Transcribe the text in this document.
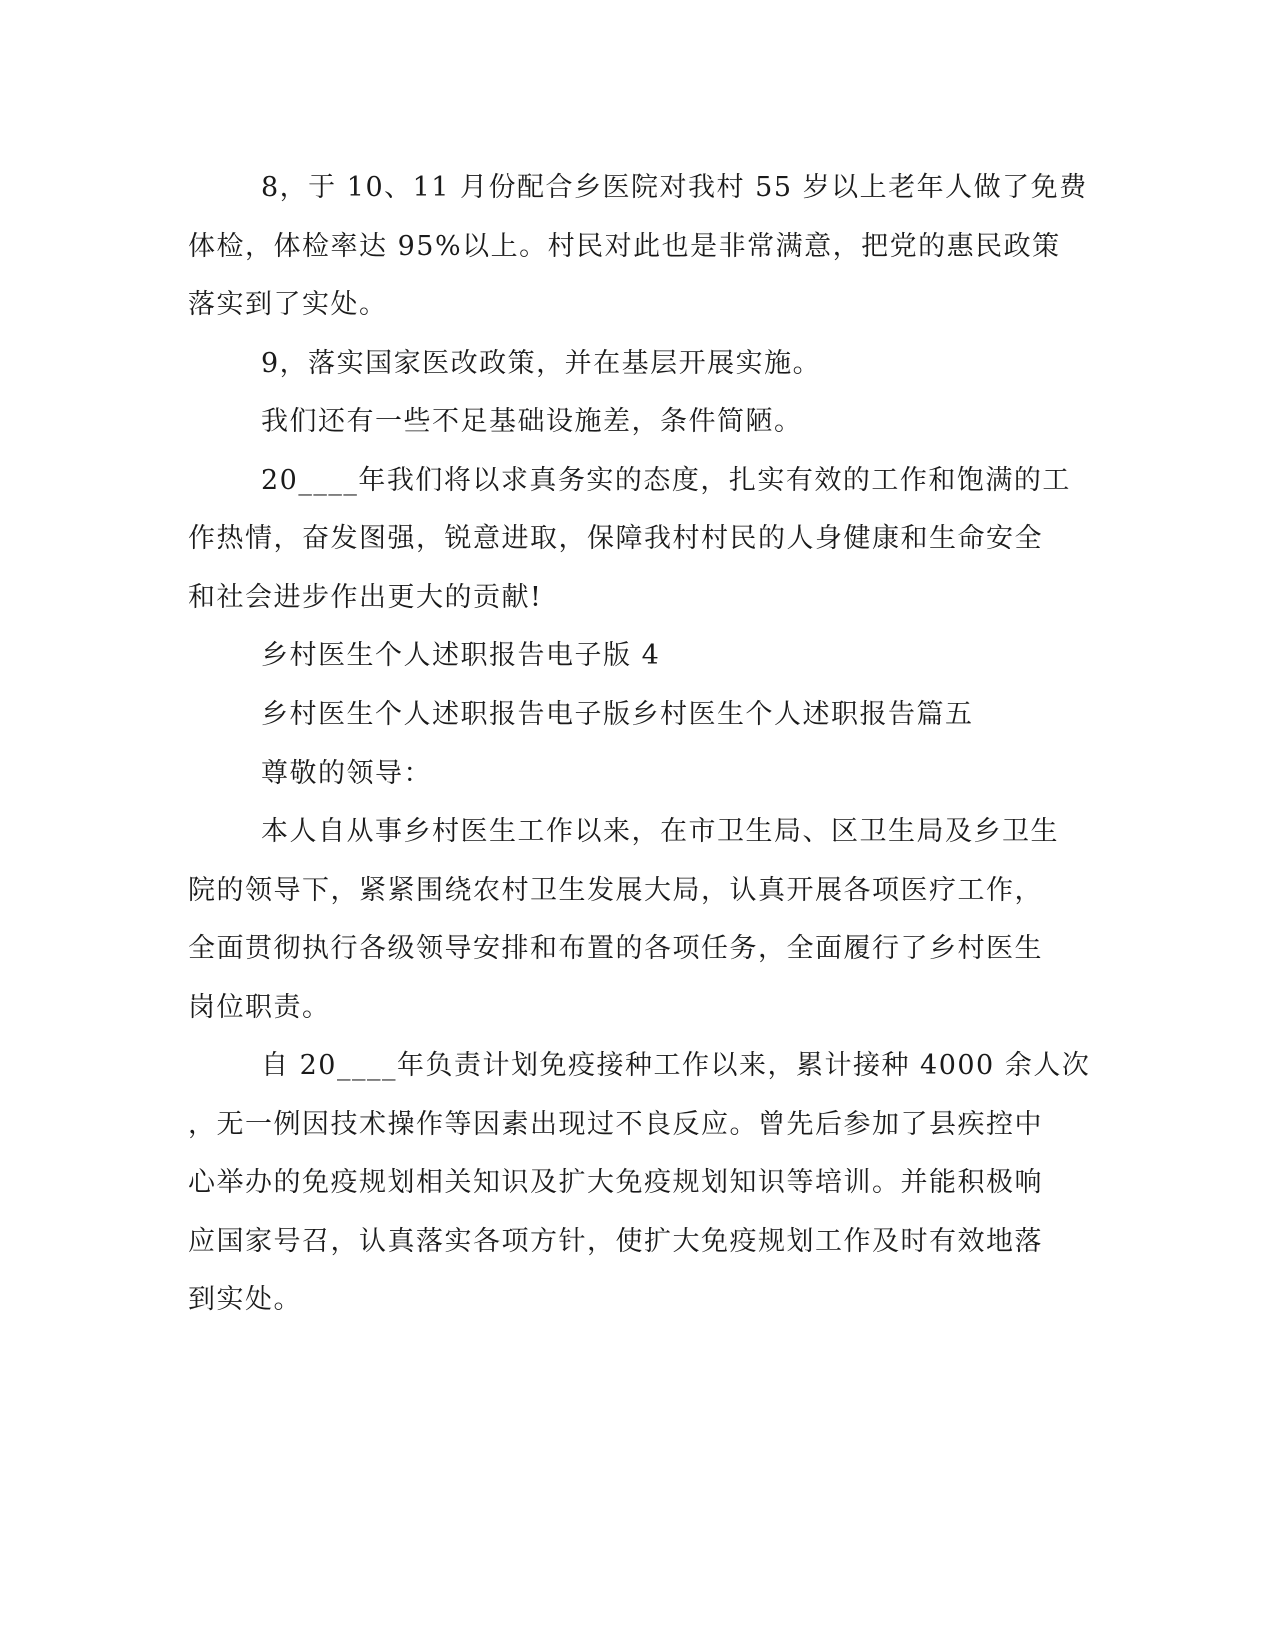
8，于 10、11 月份配合乡医院对我村 55 岁以上老年人做了免费

体检，体检率达 95%以上。村民对此也是非常满意，把党的惠民政策

落实到了实处。

9，落实国家医改政策，并在基层开展实施。

我们还有一些不足基础设施差，条件简陋。

20____年我们将以求真务实的态度，扎实有效的工作和饱满的工

作热情，奋发图强，锐意进取，保障我村村民的人身健康和生命安全

和社会进步作出更大的贡献!

乡村医生个人述职报告电子版 4

乡村医生个人述职报告电子版乡村医生个人述职报告篇五

尊敬的领导：

本人自从事乡村医生工作以来，在市卫生局、区卫生局及乡卫生

院的领导下，紧紧围绕农村卫生发展大局，认真开展各项医疗工作，

全面贯彻执行各级领导安排和布置的各项任务，全面履行了乡村医生

岗位职责。

自 20____年负责计划免疫接种工作以来，累计接种 4000 余人次

，无一例因技术操作等因素出现过不良反应。曾先后参加了县疾控中

心举办的免疫规划相关知识及扩大免疫规划知识等培训。并能积极响

应国家号召，认真落实各项方针，使扩大免疫规划工作及时有效地落

到实处。
